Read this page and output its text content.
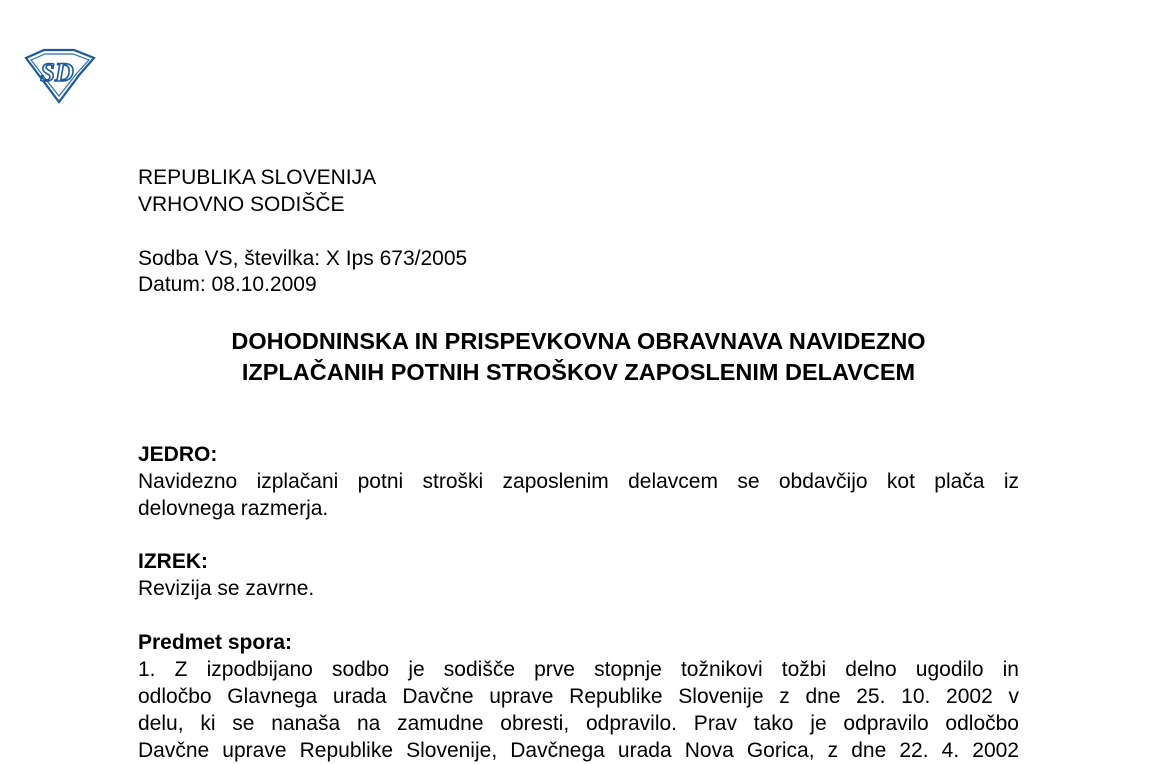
SD
REPUBLIKA SLOVENIJA
VRHOVNO SODIŠČE
Sodba VS, številka: X Ips 673/2005
Datum: 08.10.2009
DOHODNINSKA IN PRISPEVKOVNA OBRAVNAVA NAVIDEZNO
IZPLAČANIH POTNIH STROŠKOV ZAPOSLENIM DELAVCEM
JEDRO:
Navidezno izplačani potni stroški zaposlenim delavcem se obdavčijo kot plača iz
delovnega razmerja.
IZREK:
Revizija se zavrne.
Predmet spora:
1. Z izpodbijano sodbo je sodišče prve stopnje tožnikovi tožbi delno ugodilo in
odločbo Glavnega urada Davčne uprave Republike Slovenije z dne 25. 10. 2002 v
delu, ki se nanaša na zamudne obresti, odpravilo. Prav tako je odpravilo odločbo
Davčne uprave Republike Slovenije, Davčnega urada Nova Gorica, z dne 22. 4. 2002
